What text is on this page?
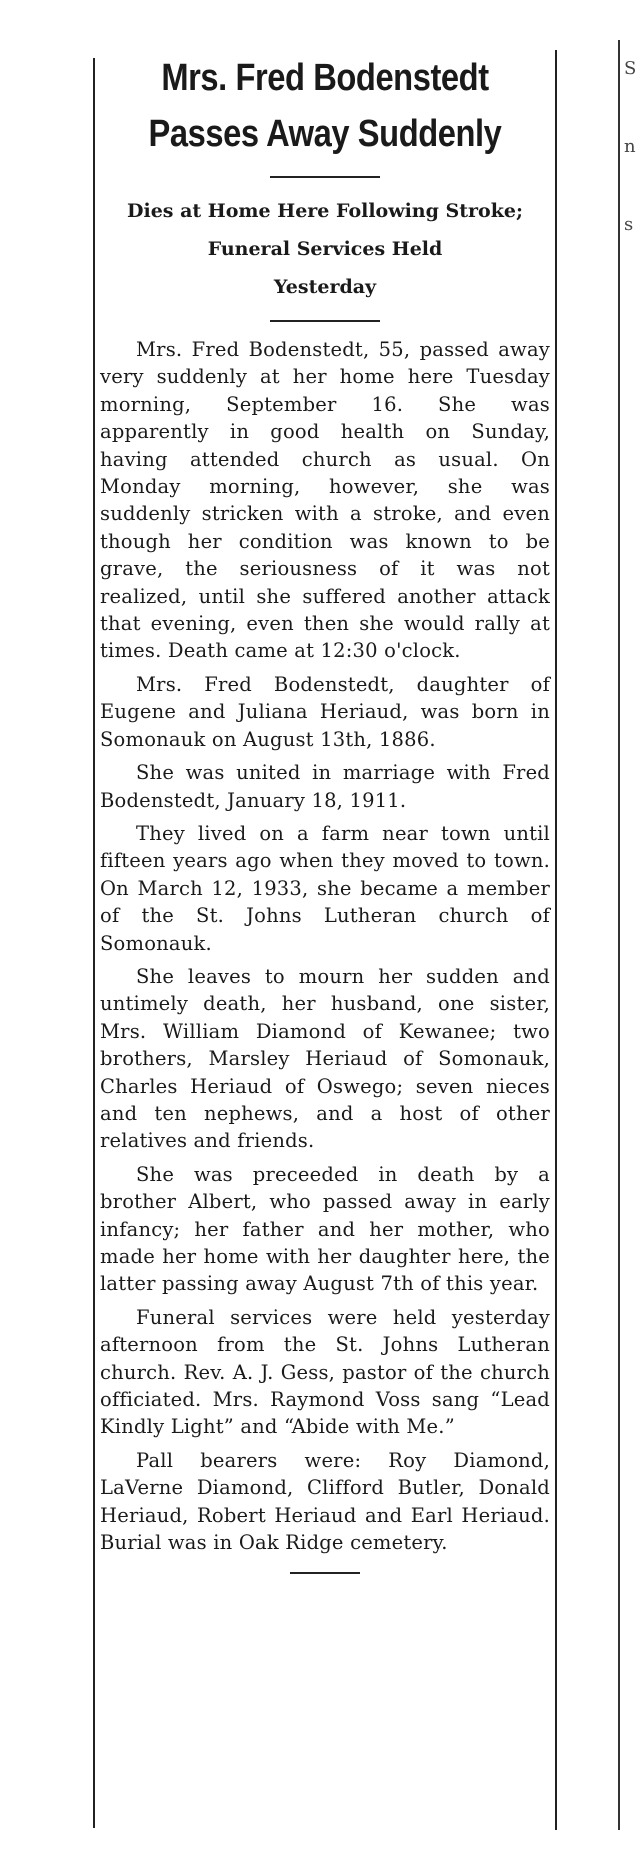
S
n
s
Mrs. Fred Bodenstedt
Passes Away Suddenly
Dies at Home Here Following Stroke;
Funeral Services Held
Yesterday

Mrs. Fred Bodenstedt, 55, passed away very suddenly at her home here Tuesday morning, September 16. She was apparently in good health on Sunday, having attended church as usual. On Monday morning, however, she was suddenly stricken with a stroke, and even though her condition was known to be grave, the seriousness of it was not realized, until she suffered another attack that evening, even then she would rally at times. Death came at 12:30 o'clock.

Mrs. Fred Bodenstedt, daughter of Eugene and Juliana Heriaud, was born in Somonauk on August 13th, 1886.

She was united in marriage with Fred Bodenstedt, January 18, 1911.

They lived on a farm near town until fifteen years ago when they moved to town. On March 12, 1933, she became a member of the St. Johns Lutheran church of Somonauk.

She leaves to mourn her sudden and untimely death, her husband, one sister, Mrs. William Diamond of Kewanee; two brothers, Marsley Heriaud of Somonauk, Charles Heriaud of Oswego; seven nieces and ten nephews, and a host of other relatives and friends.

She was preceeded in death by a brother Albert, who passed away in early infancy; her father and her mother, who made her home with her daughter here, the latter passing away August 7th of this year.

Funeral services were held yesterday afternoon from the St. Johns Lutheran church. Rev. A. J. Gess, pastor of the church officiated. Mrs. Raymond Voss sang “Lead Kindly Light” and “Abide with Me.”

Pall bearers were: Roy Diamond, LaVerne Diamond, Clifford Butler, Donald Heriaud, Robert Heriaud and Earl Heriaud. Burial was in Oak Ridge cemetery.
